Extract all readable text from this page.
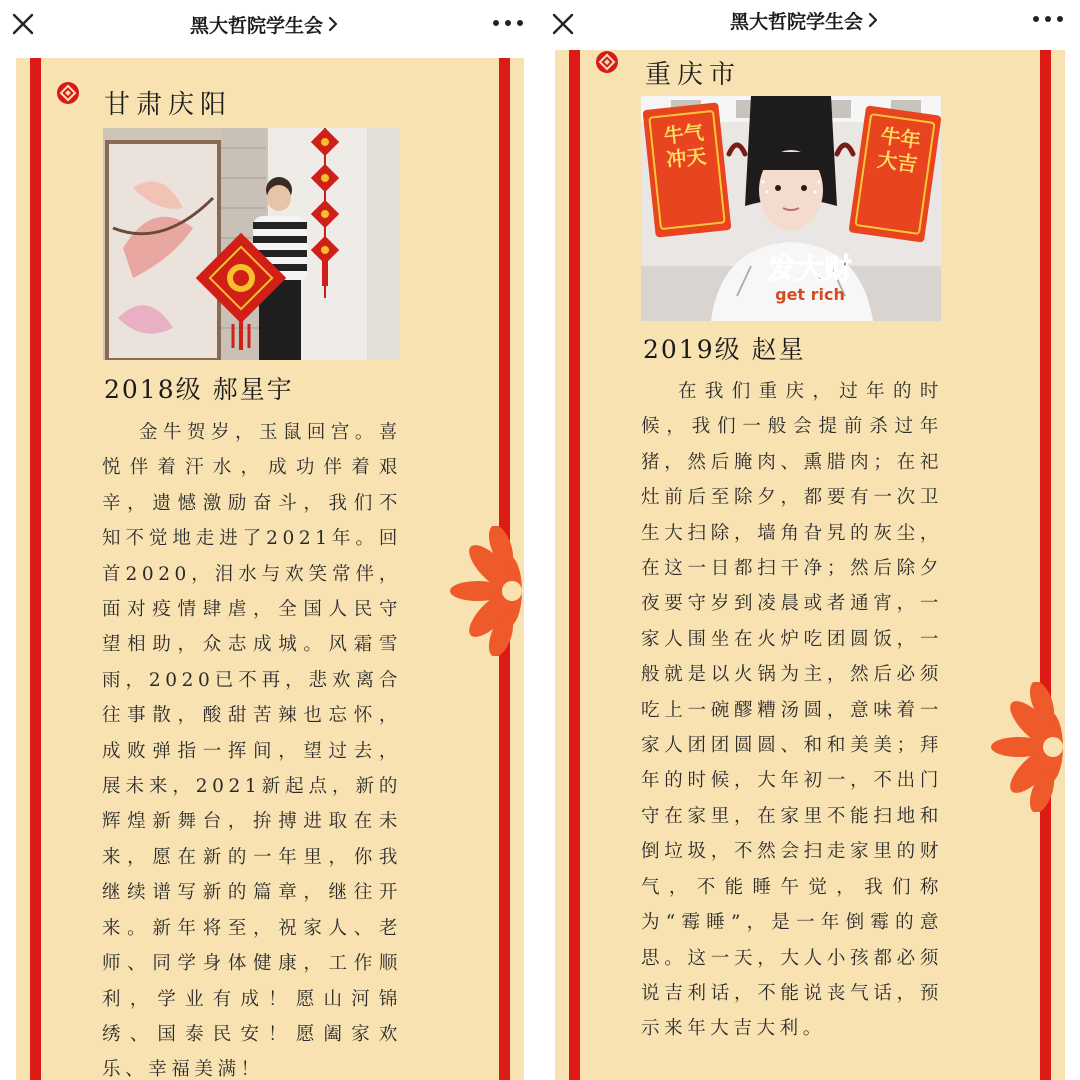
黑大哲院学生会
甘肃庆阳
2018级 郝星宇

金牛贺岁，玉鼠回宫。喜悦伴着汗水，成功伴着艰辛，遗憾激励奋斗，我们不知不觉地走进了2021年。回首2020，泪水与欢笑常伴，面对疫情肆虐，全国人民守望相助，众志成城。风霜雪雨，2020已不再，悲欢离合往事散，酸甜苦辣也忘怀，成败弹指一挥间，望过去，展未来，2021新起点，新的辉煌新舞台，拚搏进取在未来，愿在新的一年里，你我继续谱写新的篇章，继往开来。新年将至，祝家人、老师、同学身体健康，工作顺利，学业有成！愿山河锦绣、国泰民安！愿阖家欢乐、幸福美满！

黑大哲院学生会
重庆市
牛气冲天
牛年大吉
发大财
get rich
2019级 赵星

在我们重庆，过年的时候，我们一般会提前杀过年猪，然后腌肉、熏腊肉；在祀灶前后至除夕，都要有一次卫生大扫除，墙角旮旯的灰尘，在这一日都扫干净；然后除夕夜要守岁到凌晨或者通宵，一家人围坐在火炉吃团圆饭，一般就是以火锅为主，然后必须吃上一碗醪糟汤圆，意味着一家人团团圆圆、和和美美；拜年的时候，大年初一，不出门守在家里，在家里不能扫地和倒垃圾，不然会扫走家里的财气，不能睡午觉，我们称为“霉睡”，是一年倒霉的意思。这一天，大人小孩都必须说吉利话，不能说丧气话，预示来年大吉大利。
